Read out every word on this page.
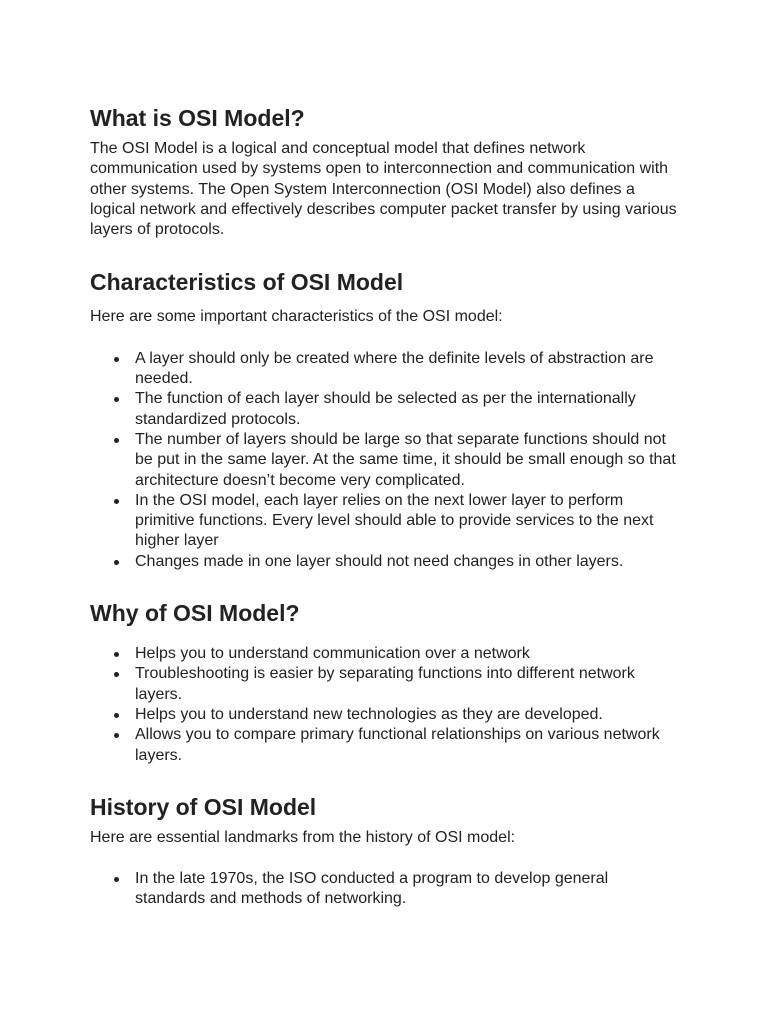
What is OSI Model?

The OSI Model is a logical and conceptual model that defines network communication used by systems open to interconnection and communication with other systems. The Open System Interconnection (OSI Model) also defines a logical network and effectively describes computer packet transfer by using various layers of protocols.

Characteristics of OSI Model

Here are some important characteristics of the OSI model:

A layer should only be created where the definite levels of abstraction are needed.
The function of each layer should be selected as per the internationally standardized protocols.
The number of layers should be large so that separate functions should not be put in the same layer. At the same time, it should be small enough so that architecture doesn’t become very complicated.
In the OSI model, each layer relies on the next lower layer to perform primitive functions. Every level should able to provide services to the next higher layer
Changes made in one layer should not need changes in other layers.
Why of OSI Model?
Helps you to understand communication over a network
Troubleshooting is easier by separating functions into different network layers.
Helps you to understand new technologies as they are developed.
Allows you to compare primary functional relationships on various network layers.
History of OSI Model

Here are essential landmarks from the history of OSI model:

In the late 1970s, the ISO conducted a program to develop general standards and methods of networking.
